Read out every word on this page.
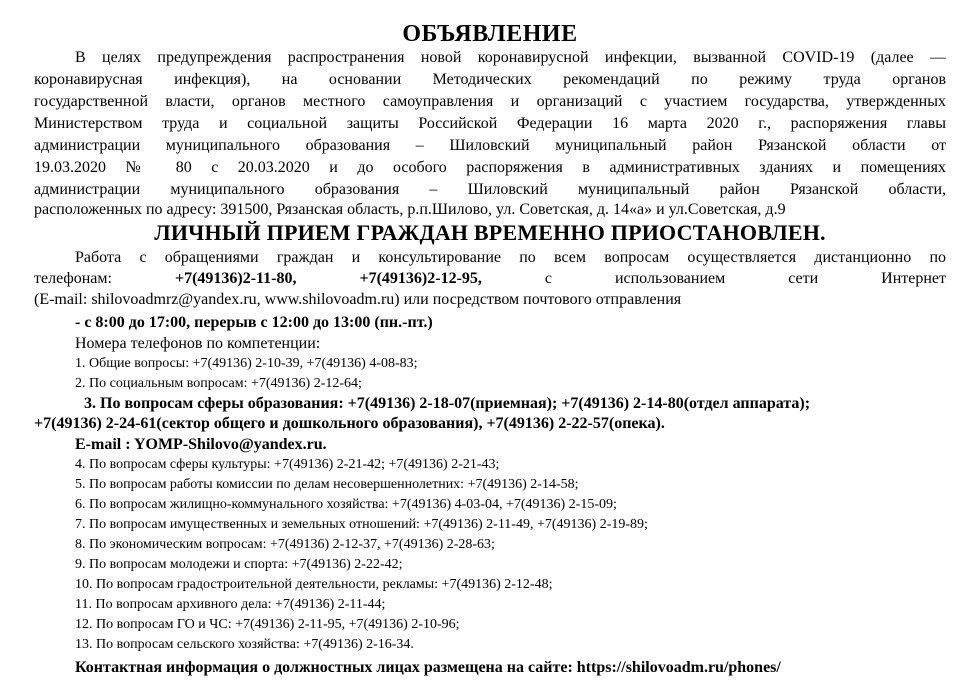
ОБЪЯВЛЕНИЕ
В целях предупреждения распространения новой коронавирусной инфекции, вызванной COVID-19 (далее —
коронавирусная инфекция), на основании Методических рекомендаций по режиму труда органов
государственной власти, органов местного самоуправления и организаций с участием государства, утвержденных
Министерством труда и социальной защиты Российской Федерации 16 марта 2020 г., распоряжения главы
администрации муниципального образования – Шиловский муниципальный район Рязанской области от
19.03.2020 № 80 с 20.03.2020 и до особого распоряжения в административных зданиях и помещениях
администрации муниципального образования – Шиловский муниципальный район Рязанской области,
расположенных по адресу: 391500, Рязанская область, р.п.Шилово, ул. Советская, д. 14«а» и ул.Советская, д.9
ЛИЧНЫЙ ПРИЕМ ГРАЖДАН ВРЕМЕННО ПРИОСТАНОВЛЕН.
Работа с обращениями граждан и консультирование по всем вопросам осуществляется дистанционно по
телефонам:	+7(49136)2-11-80,	+7(49136)2-12-95,	с использованием сети Интернет
(E-mail: shilovoadmrz@yandex.ru, www.shilovoadm.ru) или посредством почтового отправления
- с 8:00 до 17:00, перерыв с 12:00 до 13:00 (пн.-пт.)
Номера телефонов по компетенции:
1. Общие вопросы: +7(49136) 2-10-39, +7(49136) 4-08-83;
2. По социальным вопросам: +7(49136) 2-12-64;
3. По вопросам сферы образования: +7(49136) 2-18-07(приемная); +7(49136) 2-14-80(отдел аппарата);
+7(49136) 2-24-61(сектор общего и дошкольного образования), +7(49136) 2-22-57(опека).
E-mail : YOMP-Shilovo@yandex.ru.
4. По вопросам сферы культуры: +7(49136) 2-21-42; +7(49136) 2-21-43;
5. По вопросам работы комиссии по делам несовершеннолетних: +7(49136) 2-14-58;
6. По вопросам жилищно-коммунального хозяйства: +7(49136) 4-03-04, +7(49136) 2-15-09;
7. По вопросам имущественных и земельных отношений: +7(49136) 2-11-49, +7(49136) 2-19-89;
8. По экономическим вопросам: +7(49136) 2-12-37, +7(49136) 2-28-63;
9. По вопросам молодежи и спорта: +7(49136) 2-22-42;
10. По вопросам градостроительной деятельности, рекламы: +7(49136) 2-12-48;
11. По вопросам архивного дела: +7(49136) 2-11-44;
12. По вопросам ГО и ЧС: +7(49136) 2-11-95, +7(49136) 2-10-96;
13. По вопросам сельского хозяйства: +7(49136) 2-16-34.
Контактная информация о должностных лицах размещена на сайте: https://shilovoadm.ru/phones/
